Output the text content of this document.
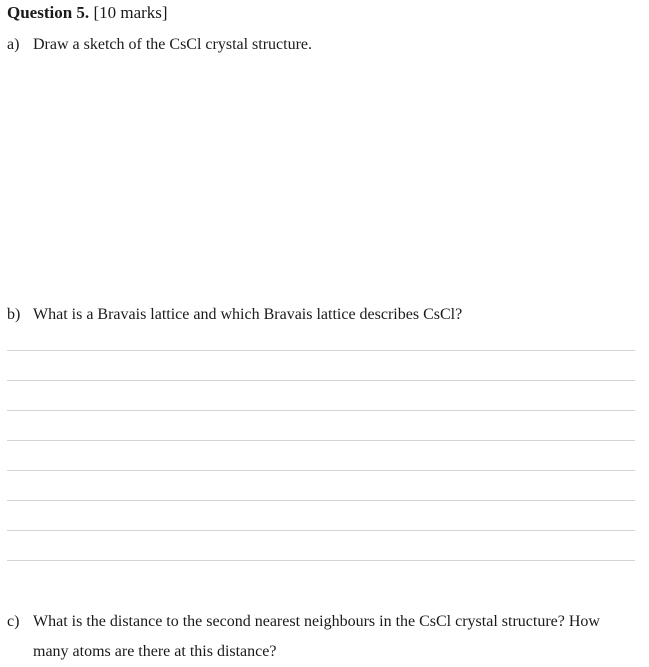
Question 5. [10 marks]
a) Draw a sketch of the CsCl crystal structure.
b) What is a Bravais lattice and which Bravais lattice describes CsCl?
c) What is the distance to the second nearest neighbours in the CsCl crystal structure? How
many atoms are there at this distance?
